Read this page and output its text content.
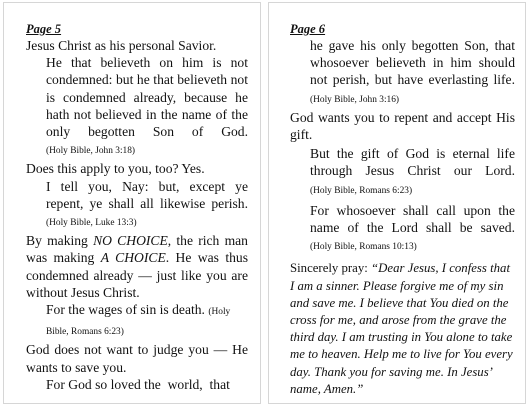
Page 5

Jesus Christ as his personal Savior.

He that believeth on him is not condemned: but he that believeth not is condemned already, because he hath not believed in the name of the only begotten Son of God. (Holy Bible, John 3:18)

Does this apply to you, too? Yes.

I tell you, Nay: but, except ye repent, ye shall all likewise perish. (Holy Bible, Luke 13:3)

By making NO CHOICE, the rich man was making A CHOICE. He was thus condemned already — just like you are without Jesus Christ.

For the wages of sin is death. (Holy Bible, Romans 6:23)

God does not want to judge you — He wants to save you.

For God so loved the  world,  that

Page 6

he gave his only begotten Son, that whosoever believeth in him should not perish, but have everlasting life. (Holy Bible, John 3:16)

God wants you to repent and accept His gift.

But the gift of God is eternal life through Jesus Christ our Lord. (Holy Bible, Romans 6:23)

For whosoever shall call upon the name of the Lord shall be saved. (Holy Bible, Romans 10:13)

Sincerely pray: “Dear Jesus, I confess that I am a sinner. Please forgive me of my sin and save me. I believe that You died on the cross for me, and arose from the grave the third day. I am trusting in You alone to take me to heaven. Help me to live for You every day. Thank you for saving me. In Jesus’ name, Amen.”
